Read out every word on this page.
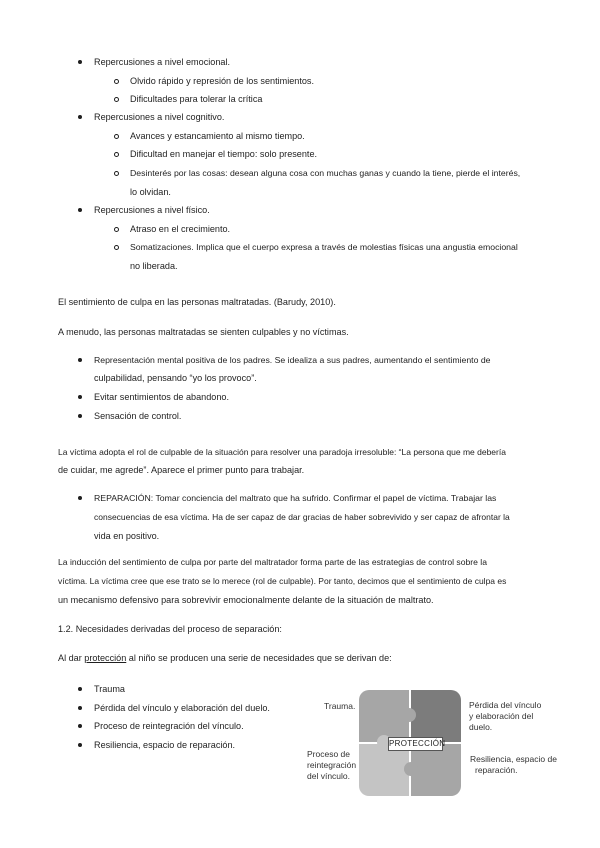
Repercusiones a nivel emocional.
Olvido rápido y represión de los sentimientos.
Dificultades para tolerar la crítica
Repercusiones a nivel cognitivo.
Avances y estancamiento al mismo tiempo.
Dificultad en manejar el tiempo: solo presente.
Desinterés por las cosas: desean alguna cosa con muchas ganas y cuando la tiene, pierde el interés,
lo olvidan.
Repercusiones a nivel físico.
Atraso en el crecimiento.
Somatizaciones. Implica que el cuerpo expresa a través de molestias físicas una angustia emocional
no liberada.
El sentimiento de culpa en las personas maltratadas. (Barudy, 2010).
A menudo, las personas maltratadas se sienten culpables y no víctimas.
Representación mental positiva de los padres. Se idealiza a sus padres, aumentando el sentimiento de
culpabilidad, pensando “yo los provoco”.
Evitar sentimientos de abandono.
Sensación de control.
La víctima adopta el rol de culpable de la situación para resolver una paradoja irresoluble: “La persona que me debería
de cuidar, me agrede”. Aparece el primer punto para trabajar.
REPARACIÓN: Tomar conciencia del maltrato que ha sufrido. Confirmar el papel de víctima. Trabajar las
consecuencias de esa víctima. Ha de ser capaz de dar gracias de haber sobrevivido y ser capaz de afrontar la
vida en positivo.
La inducción del sentimiento de culpa por parte del maltratador forma parte de las estrategias de control sobre la
víctima. La víctima cree que ese trato se lo merece (rol de culpable). Por tanto, decimos que el sentimiento de culpa es
un mecanismo defensivo para sobrevivir emocionalmente delante de la situación de maltrato.
1.2. Necesidades derivadas del proceso de separación:
Al dar protección al niño se producen una serie de necesidades que se derivan de:
Trauma
Pérdida del vínculo y elaboración del duelo.
Proceso de reintegración del vínculo.
Resiliencia, espacio de reparación.	PROTECCIÓN
Trauma.	Pérdida del vínculo
y elaboración del
duelo.
Proceso de
reintegración
del vínculo.
Resiliencia, espacio de
reparación.
